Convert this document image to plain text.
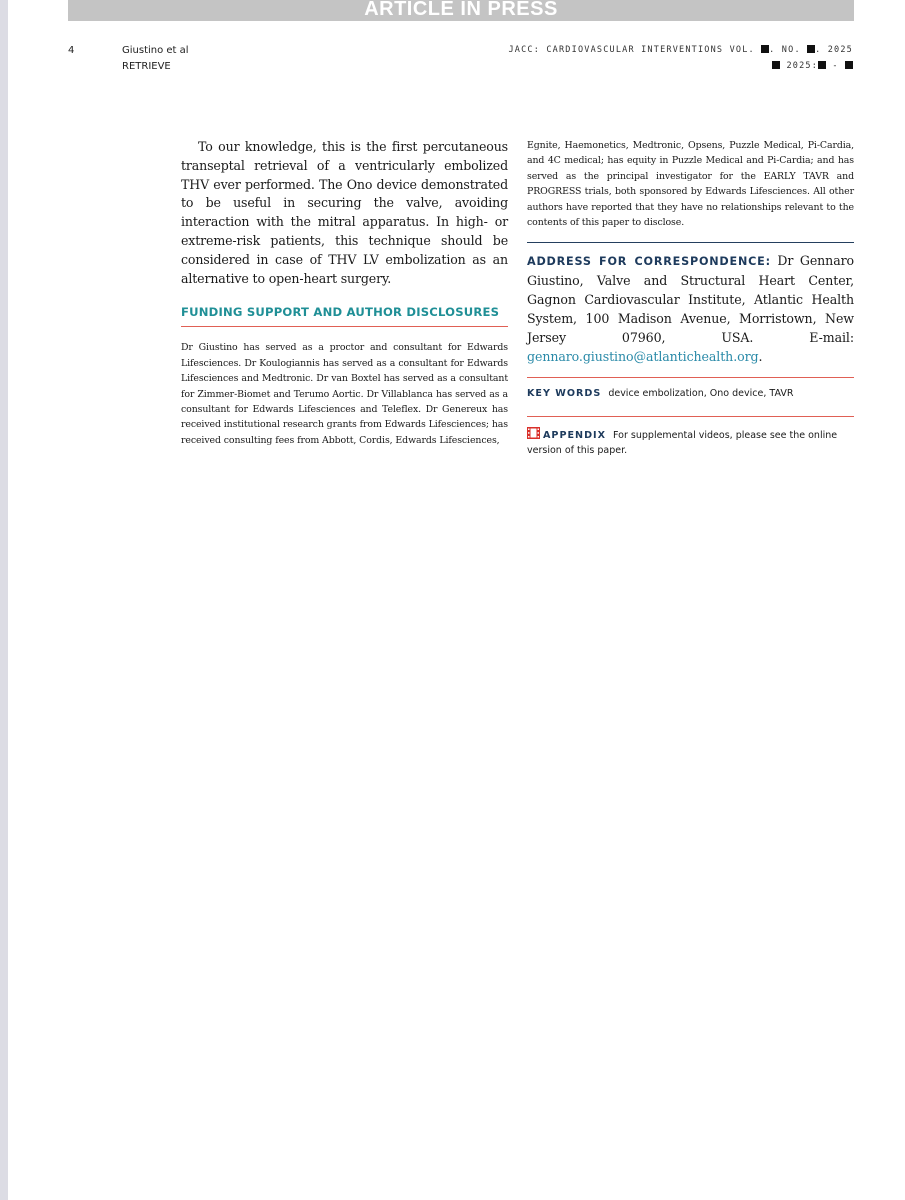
ARTICLE IN PRESS
4	Giustino et al
RETRIEVE
JACC: CARDIOVASCULAR INTERVENTIONS VOL. . NO. . 2025
2025: -

To our knowledge, this is the first percutaneous transeptal retrieval of a ventricularly embolized THV ever performed. The Ono device demonstrated to be useful in securing the valve, avoiding interaction with the mitral apparatus. In high- or extreme-risk patients, this technique should be considered in case of THV LV embolization as an alternative to open-heart surgery.

FUNDING SUPPORT AND AUTHOR DISCLOSURES

Dr Giustino has served as a proctor and consultant for Edwards Lifesciences. Dr Koulogiannis has served as a consultant for Edwards Lifesciences and Medtronic. Dr van Boxtel has served as a consultant for Zimmer-Biomet and Terumo Aortic. Dr Villablanca has served as a consultant for Edwards Lifesciences and Teleflex. Dr Genereux has received institutional research grants from Edwards Lifesciences; has received consulting fees from Abbott, Cordis, Edwards Lifesciences,

Egnite, Haemonetics, Medtronic, Opsens, Puzzle Medical, Pi-Cardia, and 4C medical; has equity in Puzzle Medical and Pi-Cardia; and has served as the principal investigator for the EARLY TAVR and PROGRESS trials, both sponsored by Edwards Lifesciences. All other authors have reported that they have no relationships relevant to the contents of this paper to disclose.

ADDRESS FOR CORRESPONDENCE: Dr Gennaro Giustino, Valve and Structural Heart Center, Gagnon Cardiovascular Institute, Atlantic Health System, 100 Madison Avenue, Morristown, New Jersey 07960, USA. E-mail: gennaro.giustino@atlantichealth.org.

KEY WORDS device embolization, Ono device, TAVR

APPENDIX For supplemental videos, please see the online version of this paper.
